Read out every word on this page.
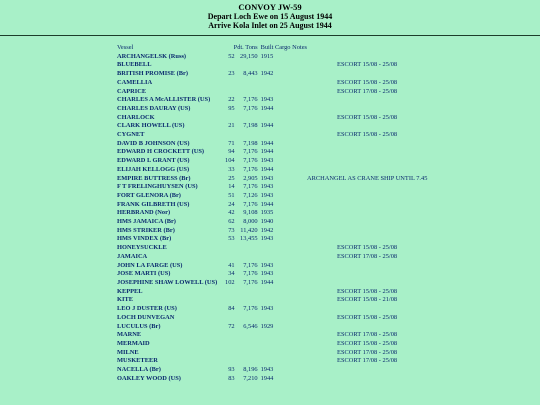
CONVOY JW-59
Depart Loch Ewe on 15 August 1944
Arrive Kola Inlet on 25 August 1944
Vessel	Pdt. Tons		Built Cargo Notes	
ARCHANGELSK (Russ)	52	29,150	1915	
BLUEBELL				ESCORT 15/08 - 25/08
BRITISH PROMISE (Br)	23	8,443	1942	
CAMELLIA				ESCORT 15/08 - 25/08
CAPRICE				ESCORT 17/08 - 25/08
CHARLES A McALLISTER (US)	22	7,176	1943	
CHARLES DAURAY (US)	95	7,176	1944	
CHARLOCK				ESCORT 15/08 - 25/08
CLARK HOWELL (US)	21	7,198	1944	
CYGNET				ESCORT 15/08 - 25/08
DAVID B JOHNSON (US)	71	7,198	1944	
EDWARD H CROCKETT (US)	94	7,176	1944	
EDWARD L GRANT (US)	104	7,176	1943	
ELIJAH KELLOGG (US)	33	7,176	1944	
EMPIRE BUTTRESS (Br)	25	2,905	1943	ARCHANGEL AS CRANE SHIP UNTIL 7.45
F T FRELINGHUYSEN (US)	14	7,176	1943	
FORT GLENORA (Br)	51	7,126	1943	
FRANK GILBRETH (US)	24	7,176	1944	
HERBRAND (Nor)	42	9,108	1935	
HMS JAMAICA (Br)	62	8,000	1940	
HMS STRIKER (Br)	73	11,420	1942	
HMS VINDEX (Br)	53	13,455	1943	
HONEYSUCKLE				ESCORT 15/08 - 25/08
JAMAICA				ESCORT 17/08 - 25/08
JOHN LA FARGE (US)	41	7,176	1943	
JOSE MARTI (US)	34	7,176	1943	
JOSEPHINE SHAW LOWELL (US)	102	7,176	1944	
KEPPEL				ESCORT 15/08 - 25/08
KITE				ESCORT 15/08 - 21/08
LEO J DUSTER (US)	84	7,176	1943	
LOCH DUNVEGAN				ESCORT 15/08 - 25/08
LUCULUS (Br)	72	6,546	1929	
MARNE				ESCORT 17/08 - 25/08
MERMAID				ESCORT 15/08 - 25/08
MILNE				ESCORT 17/08 - 25/08
MUSKETEER				ESCORT 17/08 - 25/08
NACELLA (Br)	93	8,196	1943	
OAKLEY WOOD (US)	83	7,210	1944	
